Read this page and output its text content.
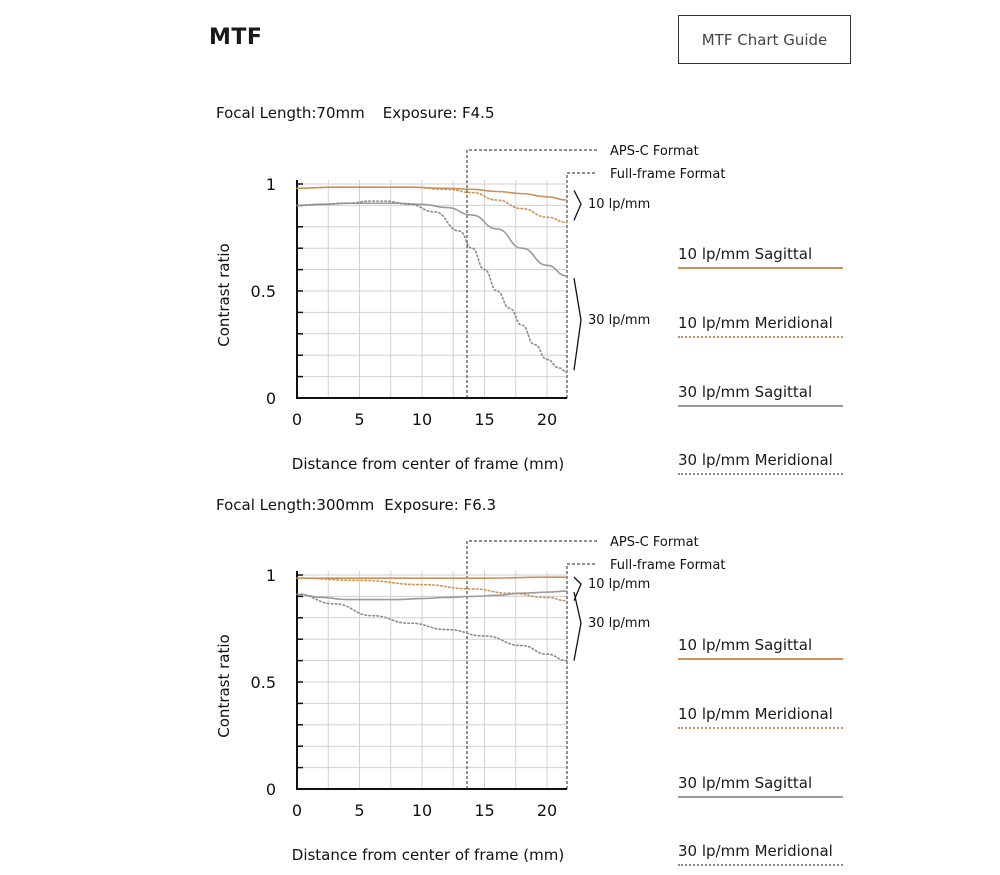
MTF	MTF Chart Guide
Focal Length:70mm Exposure: F4.5
0
0.5
1
0	5	10	15	20
Contrast ratio
Distance from center of frame (mm)
APS-C Format
Full-frame Format
10 lp/mm
30 lp/mm
10 lp/mm Sagittal
10 lp/mm Meridional
30 lp/mm Sagittal
30 lp/mm Meridional
Focal Length:300mm Exposure: F6.3
0
0.5
1
0	5	10	15	20
Contrast ratio
Distance from center of frame (mm)
APS-C Format
Full-frame Format
10 lp/mm
30 lp/mm
10 lp/mm Sagittal
10 lp/mm Meridional
30 lp/mm Sagittal
30 lp/mm Meridional
